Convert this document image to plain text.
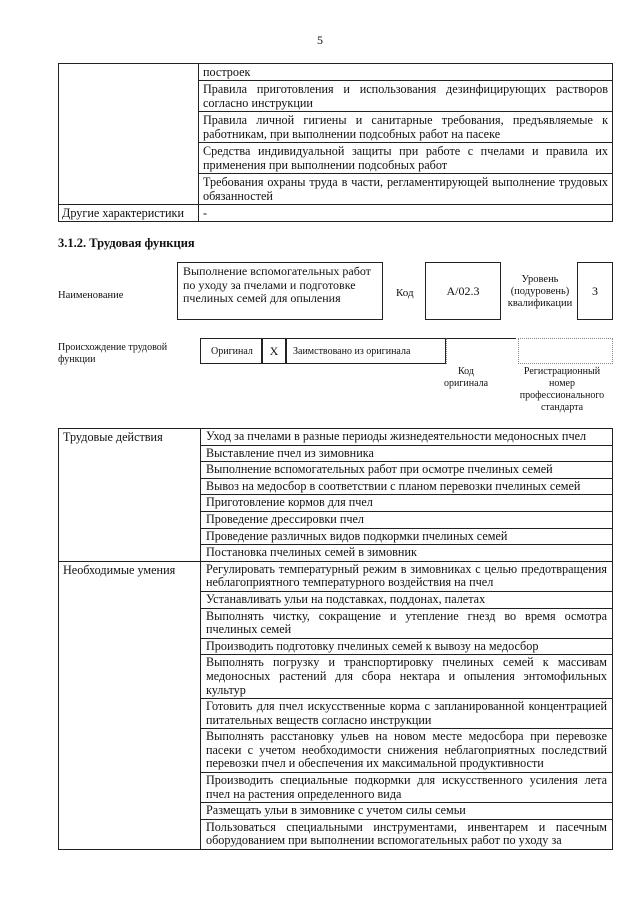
5
	построек
	Правила приготовления и использования дезинфицирующих растворов согласно инструкции
	Правила личной гигиены и санитарные требования, предъявляемые к работникам, при выполнении подсобных работ на пасеке
	Средства индивидуальной защиты при работе с пчелами и правила их применения при выполнении подсобных работ
	Требования охраны труда в части, регламентирующей выполнение трудовых обязанностей
Другие характеристики	-
3.1.2. Трудовая функция
Наименование
Выполнение вспомогательных работ по уходу за пчелами и подготовке пчелиных семей для опыления	Код	А/02.3
Уровень (подуровень) квалификации
3
Происхождение трудовой функции
Оригинал	X	Заимствовано из оригинала
Код оригинала
Регистрационный номер профессионального стандарта
Трудовые действия	Уход за пчелами в разные периоды жизнедеятельности медоносных пчел
	Выставление пчел из зимовника
	Выполнение вспомогательных работ при осмотре пчелиных семей
	Вывоз на медосбор в соответствии с планом перевозки пчелиных семей
	Приготовление кормов для пчел
	Проведение дрессировки пчел
	Проведение различных видов подкормки пчелиных семей
	Постановка пчелиных семей в зимовник
Необходимые умения	Регулировать температурный режим в зимовниках с целью предотвращения неблагоприятного температурного воздействия на пчел
	Устанавливать ульи на подставках, поддонах, палетах
	Выполнять чистку, сокращение и утепление гнезд во время осмотра пчелиных семей
	Производить подготовку пчелиных семей к вывозу на медосбор
	Выполнять погрузку и транспортировку пчелиных семей к массивам медоносных растений для сбора нектара и опыления энтомофильных культур
	Готовить для пчел искусственные корма с запланированной концентрацией питательных веществ согласно инструкции
	Выполнять расстановку ульев на новом месте медосбора при перевозке пасеки с учетом необходимости снижения неблагоприятных последствий перевозки пчел и обеспечения их максимальной продуктивности
	Производить специальные подкормки для искусственного усиления лета пчел на растения определенного вида
	Размещать ульи в зимовнике с учетом силы семьи
	Пользоваться специальными инструментами, инвентарем и пасечным оборудованием при выполнении вспомогательных работ по уходу за
